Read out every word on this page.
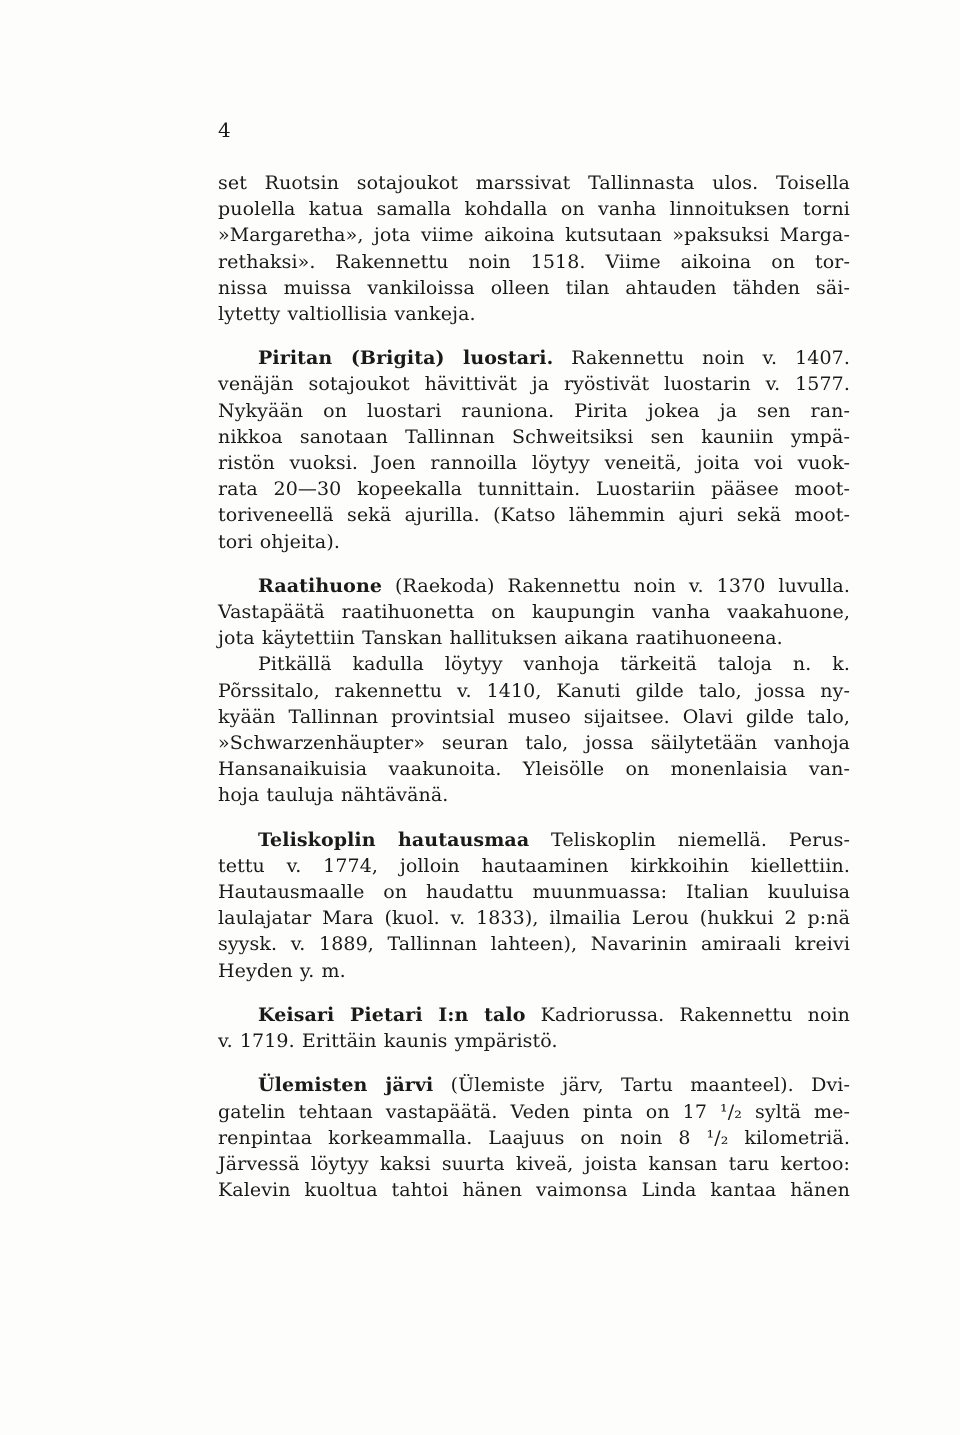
4
set Ruotsin sotajoukot marssivat Tallinnasta ulos. Toisella
puolella katua samalla kohdalla on vanha linnoituksen torni
»Margaretha», jota viime aikoina kutsutaan »paksuksi Marga-
rethaksi». Rakennettu noin 1518. Viime aikoina on tor-
nissa muissa vankiloissa olleen tilan ahtauden tähden säi-
lytetty valtiollisia vankeja.
Piritan (Brigita) luostari. Rakennettu noin v. 1407.
venäjän sotajoukot hävittivät ja ryöstivät luostarin v. 1577.
Nykyään on luostari rauniona. Pirita jokea ja sen ran-
nikkoa sanotaan Tallinnan Schweitsiksi sen kauniin ympä-
ristön vuoksi. Joen rannoilla löytyy veneitä, joita voi vuok-
rata 20—30 kopeekalla tunnittain. Luostariin pääsee moot-
toriveneellä sekä ajurilla. (Katso lähemmin ajuri sekä moot-
tori ohjeita).
Raatihuone (Raekoda) Rakennettu noin v. 1370 luvulla.
Vastapäätä raatihuonetta on kaupungin vanha vaakahuone,
jota käytettiin Tanskan hallituksen aikana raatihuoneena.
Pitkällä kadulla löytyy vanhoja tärkeitä taloja n. k.
Põrssitalo, rakennettu v. 1410, Kanuti gilde talo, jossa ny-
kyään Tallinnan provintsial museo sijaitsee. Olavi gilde talo,
»Schwarzenhäupter» seuran talo, jossa säilytetään vanhoja
Hansanaikuisia vaakunoita. Yleisölle on monenlaisia van-
hoja tauluja nähtävänä.
Teliskoplin hautausmaa Teliskoplin niemellä. Perus-
tettu v. 1774, jolloin hautaaminen kirkkoihin kiellettiin.
Hautausmaalle on haudattu muunmuassa: Italian kuuluisa
laulajatar Mara (kuol. v. 1833), ilmailia Lerou (hukkui 2 p:nä
syysk. v. 1889, Tallinnan lahteen), Navarinin amiraali kreivi
Heyden y. m.
Keisari Pietari I:n talo Kadriorussa. Rakennettu noin
v. 1719. Erittäin kaunis ympäristö.
Ülemisten järvi (Ülemiste järv, Tartu maanteel). Dvi-
gatelin tehtaan vastapäätä. Veden pinta on 17 ¹/₂ syltä me-
renpintaa korkeammalla. Laajuus on noin 8 ¹/₂ kilometriä.
Järvessä löytyy kaksi suurta kiveä, joista kansan taru kertoo:
Kalevin kuoltua tahtoi hänen vaimonsa Linda kantaa hänen
